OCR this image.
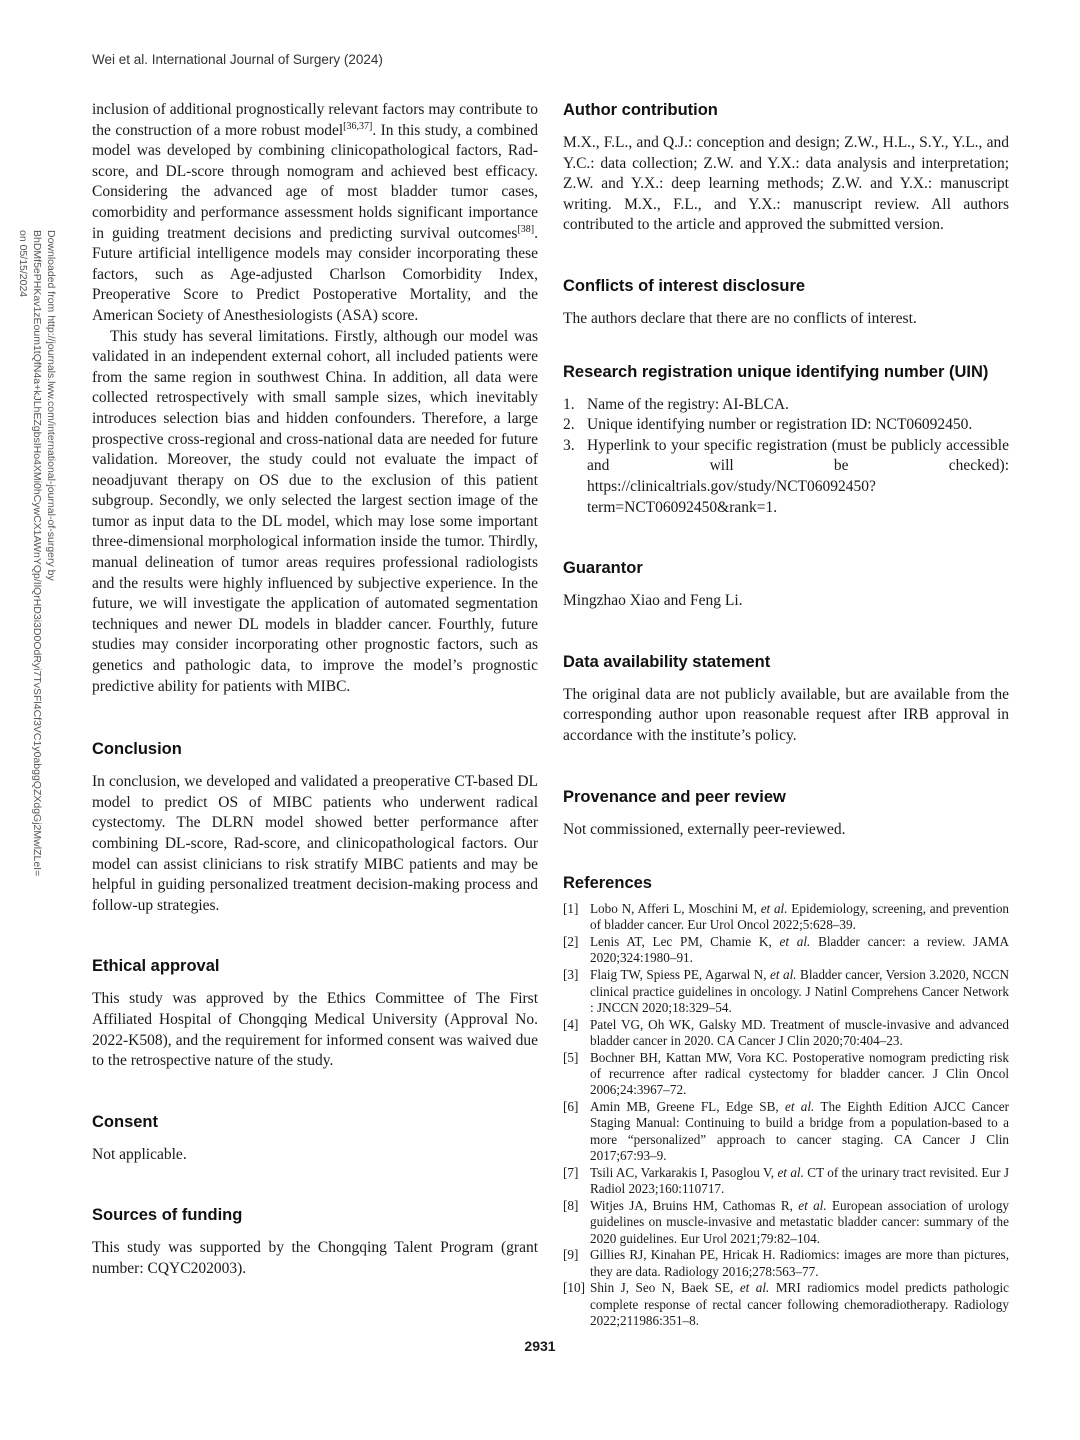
Wei et al. International Journal of Surgery (2024)
Downloaded from http://journals.lww.com/international-journal-of-surgery by BhDMf5ePHKav1zEoum1tQfN4a+kJLhEZgbsIHo4XMi0hCywCX1AWnYQp/IlQrHD3i3D0OdRyi7TvSFl4Cf3VC1y0abggQZXdgGj2MwlZLeI= on 05/15/2024

inclusion of additional prognostically relevant factors may contribute to the construction of a more robust model[36,37]. In this study, a combined model was developed by combining clinicopathological factors, Rad-score, and DL-score through nomogram and achieved best efficacy. Considering the advanced age of most bladder tumor cases, comorbidity and performance assessment holds significant importance in guiding treatment decisions and predicting survival outcomes[38]. Future artificial intelligence models may consider incorporating these factors, such as Age-adjusted Charlson Comorbidity Index, Preoperative Score to Predict Postoperative Mortality, and the American Society of Anesthesiologists (ASA) score.

This study has several limitations. Firstly, although our model was validated in an independent external cohort, all included patients were from the same region in southwest China. In addition, all data were collected retrospectively with small sample sizes, which inevitably introduces selection bias and hidden confounders. Therefore, a large prospective cross-regional and cross-national data are needed for future validation. Moreover, the study could not evaluate the impact of neoadjuvant therapy on OS due to the exclusion of this patient subgroup. Secondly, we only selected the largest section image of the tumor as input data to the DL model, which may lose some important three-dimensional morphological information inside the tumor. Thirdly, manual delineation of tumor areas requires professional radiologists and the results were highly influenced by subjective experience. In the future, we will investigate the application of automated segmentation techniques and newer DL models in bladder cancer. Fourthly, future studies may consider incorporating other prognostic factors, such as genetics and pathologic data, to improve the model’s prognostic predictive ability for patients with MIBC.

Conclusion

In conclusion, we developed and validated a preoperative CT-based DL model to predict OS of MIBC patients who underwent radical cystectomy. The DLRN model showed better performance after combining DL-score, Rad-score, and clinicopathological factors. Our model can assist clinicians to risk stratify MIBC patients and may be helpful in guiding personalized treatment decision-making process and follow-up strategies.

Ethical approval

This study was approved by the Ethics Committee of The First Affiliated Hospital of Chongqing Medical University (Approval No. 2022-K508), and the requirement for informed consent was waived due to the retrospective nature of the study.

Consent

Not applicable.

Sources of funding

This study was supported by the Chongqing Talent Program (grant number: CQYC202003).

Author contribution

M.X., F.L., and Q.J.: conception and design; Z.W., H.L., S.Y., Y.L., and Y.C.: data collection; Z.W. and Y.X.: data analysis and interpretation; Z.W. and Y.X.: deep learning methods; Z.W. and Y.X.: manuscript writing. M.X., F.L., and Y.X.: manuscript review. All authors contributed to the article and approved the submitted version.

Conflicts of interest disclosure

The authors declare that there are no conflicts of interest.

Research registration unique identifying number (UIN)
1. Name of the registry: AI-BLCA.
2. Unique identifying number or registration ID: NCT06092450.
3. Hyperlink to your specific registration (must be publicly accessible and will be checked): https://clinicaltrials.gov/study/NCT06092450?term=NCT06092450&rank=1.
Guarantor

Mingzhao Xiao and Feng Li.

Data availability statement

The original data are not publicly available, but are available from the corresponding author upon reasonable request after IRB approval in accordance with the institute’s policy.

Provenance and peer review

Not commissioned, externally peer-reviewed.

References
[1] Lobo N, Afferi L, Moschini M, et al. Epidemiology, screening, and prevention of bladder cancer. Eur Urol Oncol 2022;5:628–39.
[2] Lenis AT, Lec PM, Chamie K, et al. Bladder cancer: a review. JAMA 2020;324:1980–91.
[3] Flaig TW, Spiess PE, Agarwal N, et al. Bladder cancer, Version 3.2020, NCCN clinical practice guidelines in oncology. J Natinl Comprehens Cancer Network : JNCCN 2020;18:329–54.
[4] Patel VG, Oh WK, Galsky MD. Treatment of muscle-invasive and advanced bladder cancer in 2020. CA Cancer J Clin 2020;70:404–23.
[5] Bochner BH, Kattan MW, Vora KC. Postoperative nomogram predicting risk of recurrence after radical cystectomy for bladder cancer. J Clin Oncol 2006;24:3967–72.
[6] Amin MB, Greene FL, Edge SB, et al. The Eighth Edition AJCC Cancer Staging Manual: Continuing to build a bridge from a population-based to a more “personalized” approach to cancer staging. CA Cancer J Clin 2017;67:93–9.
[7] Tsili AC, Varkarakis I, Pasoglou V, et al. CT of the urinary tract revisited. Eur J Radiol 2023;160:110717.
[8] Witjes JA, Bruins HM, Cathomas R, et al. European association of urology guidelines on muscle-invasive and metastatic bladder cancer: summary of the 2020 guidelines. Eur Urol 2021;79:82–104.
[9] Gillies RJ, Kinahan PE, Hricak H. Radiomics: images are more than pictures, they are data. Radiology 2016;278:563–77.
[10] Shin J, Seo N, Baek SE, et al. MRI radiomics model predicts pathologic complete response of rectal cancer following chemoradiotherapy. Radiology 2022;211986:351–8.
2931
